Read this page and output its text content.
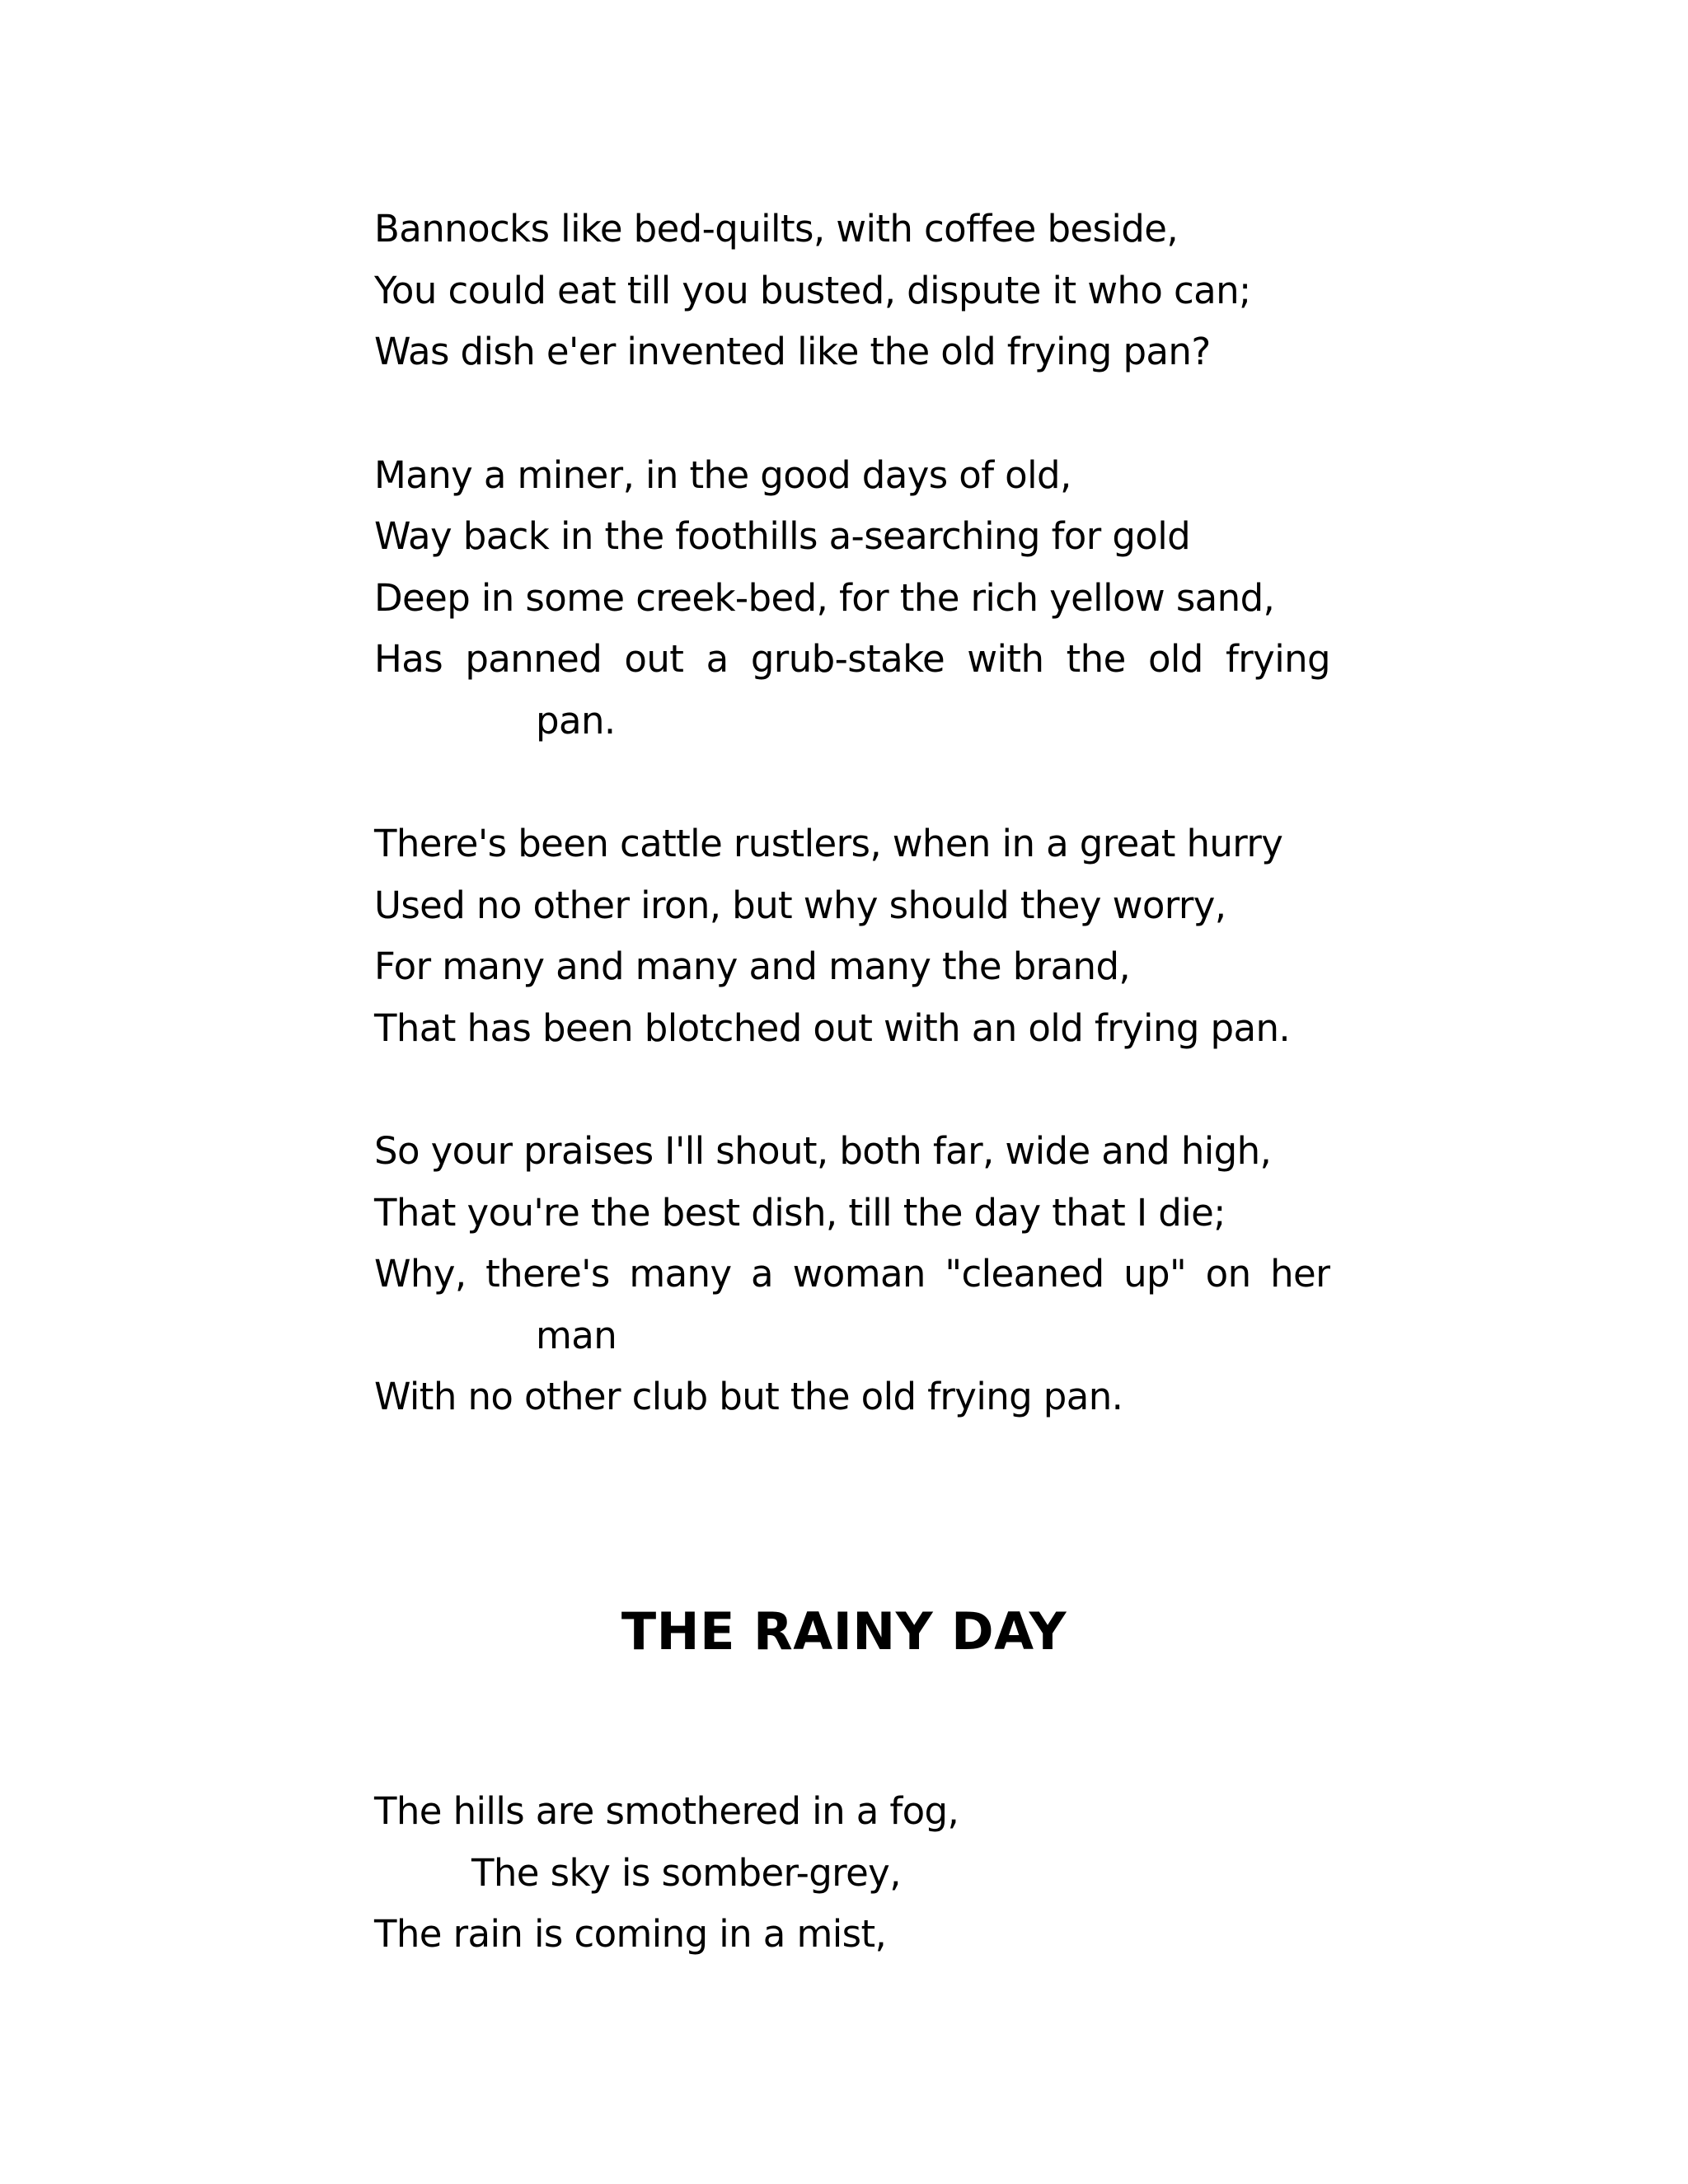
Bannocks like bed-quilts, with coffee beside,
You could eat till you busted, dispute it who can;
Was dish e'er invented like the old frying pan?
Many a miner, in the good days of old,
Way back in the foothills a-searching for gold
Deep in some creek-bed, for the rich yellow sand,
Has panned out a grub-stake with the old frying
pan.
There's been cattle rustlers, when in a great hurry
Used no other iron, but why should they worry,
For many and many and many the brand,
That has been blotched out with an old frying pan.
So your praises I'll shout, both far, wide and high,
That you're the best dish, till the day that I die;
Why, there's many a woman "cleaned up" on her
man
With no other club but the old frying pan.
THE RAINY DAY
The hills are smothered in a fog,
The sky is somber-grey,
The rain is coming in a mist,
